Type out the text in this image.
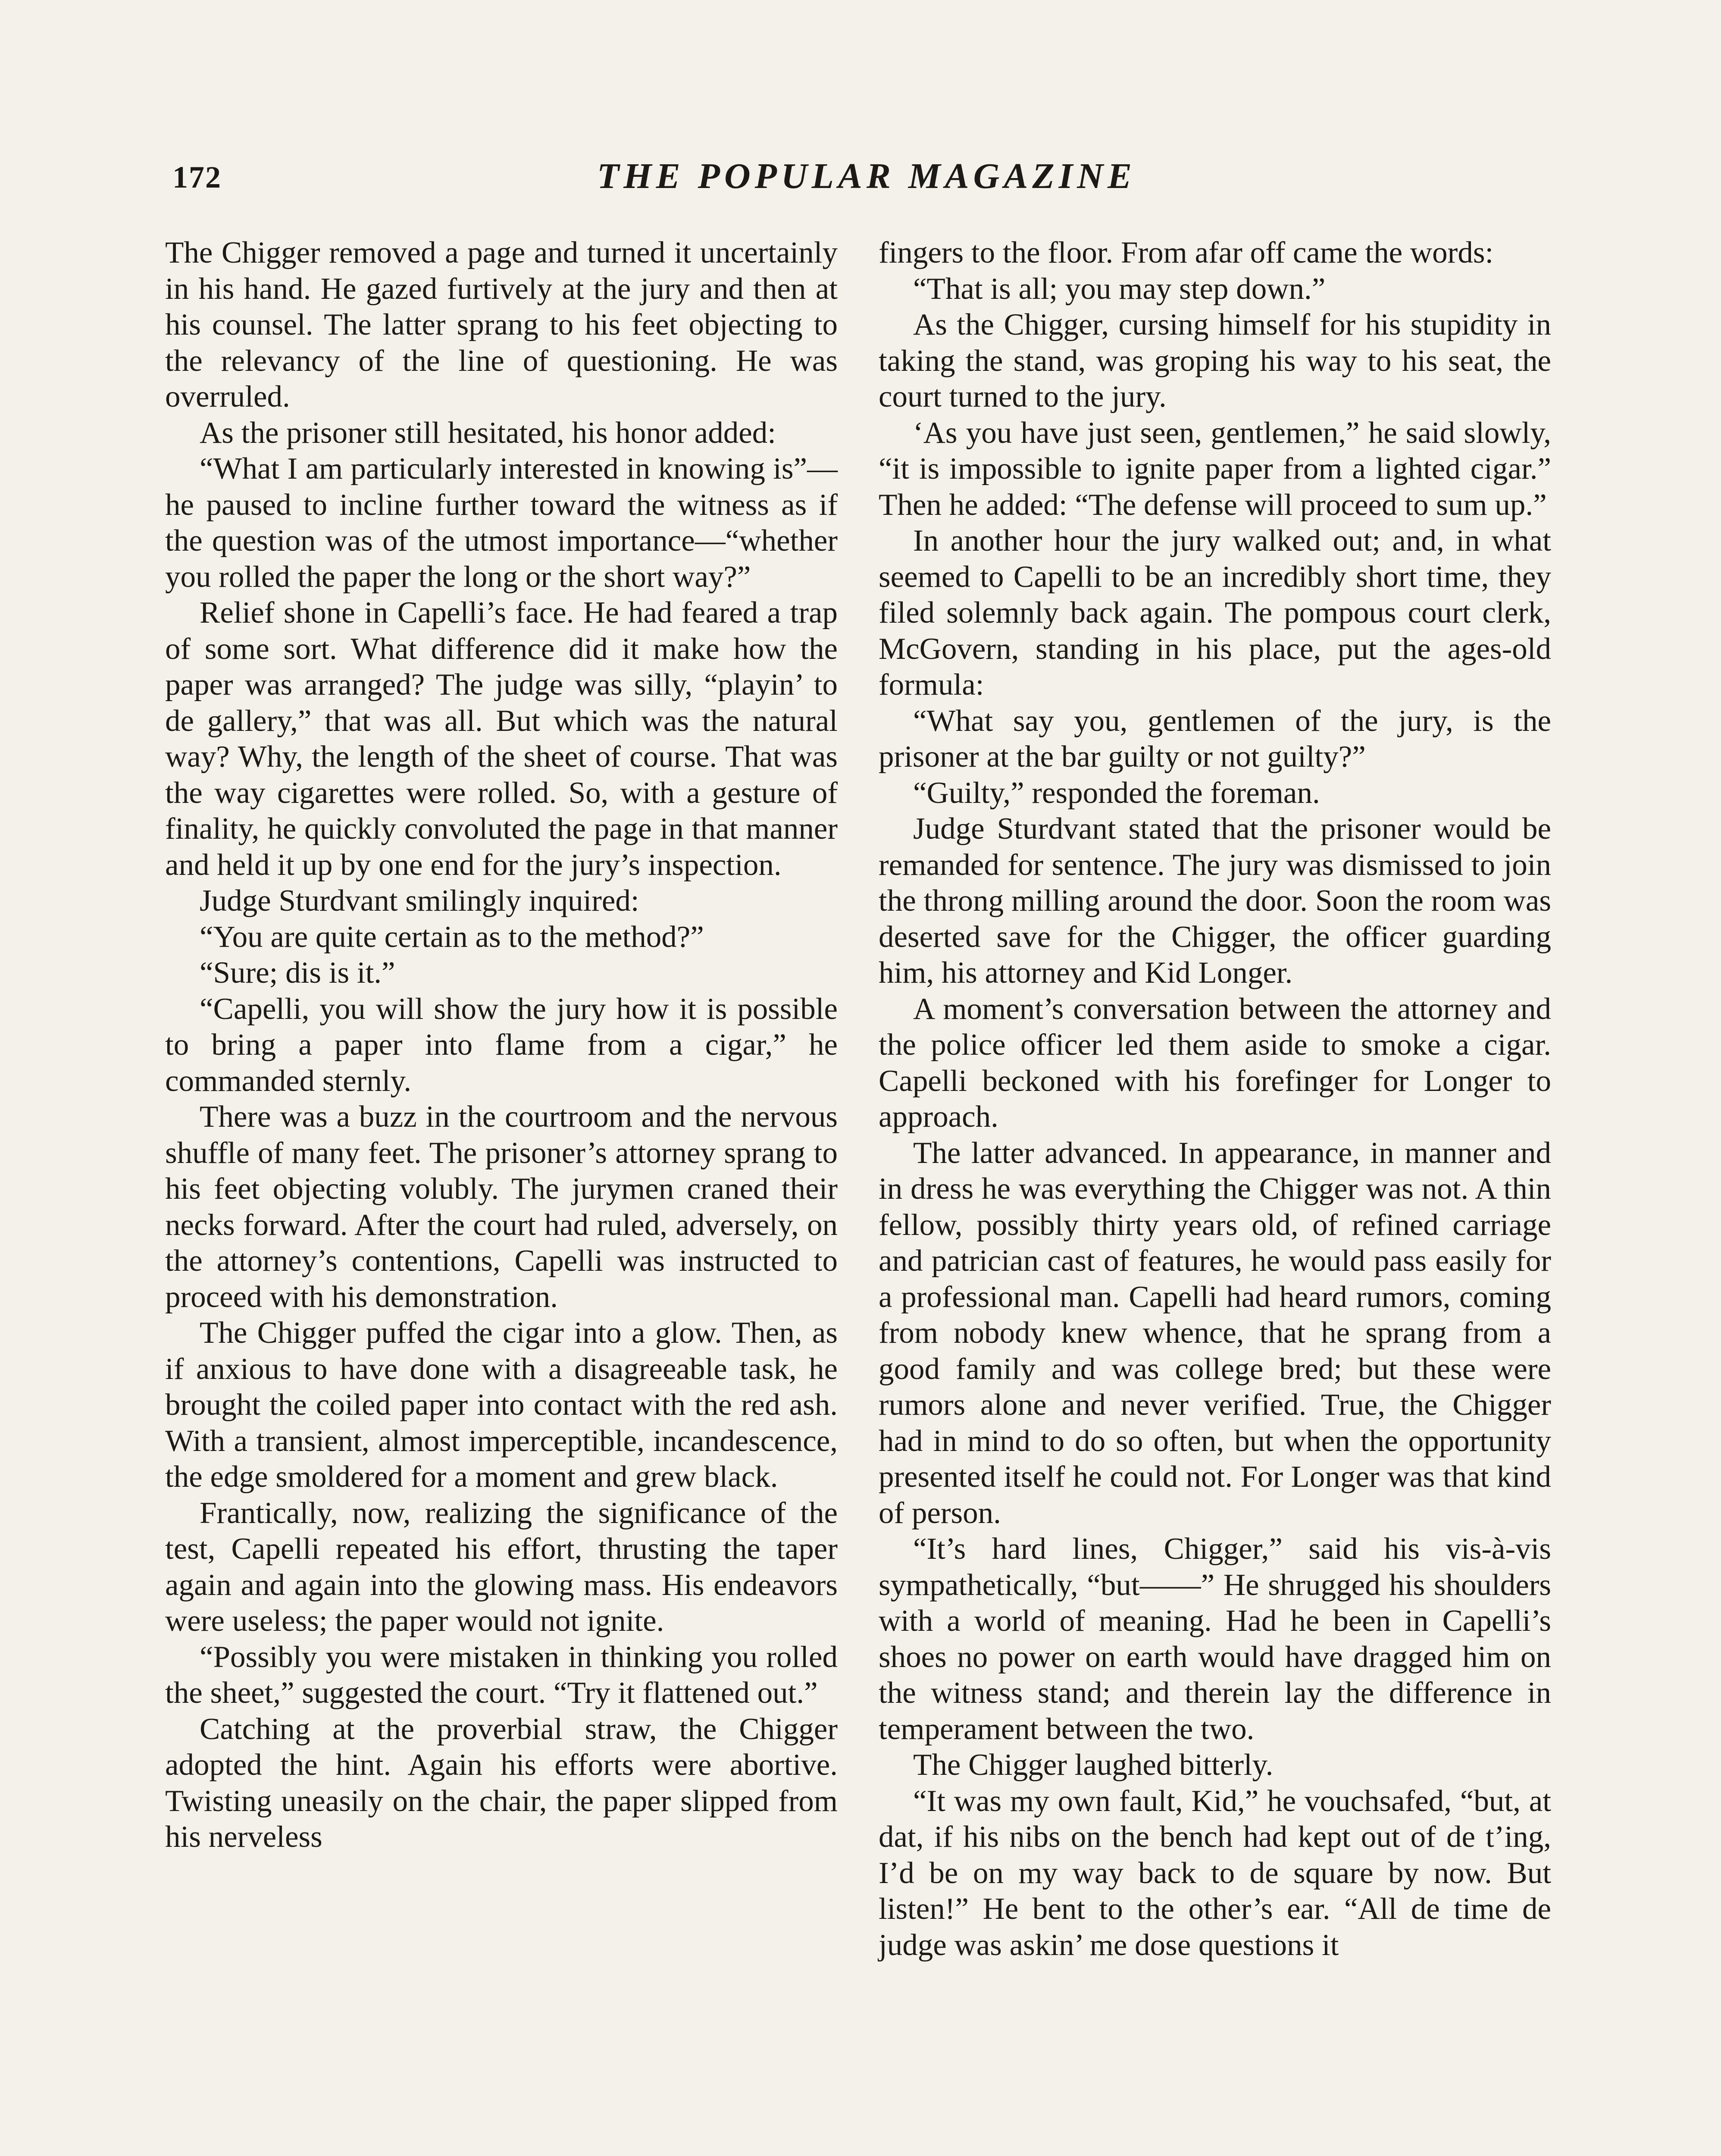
172	THE POPULAR MAGAZINE

The Chigger removed a page and turned it uncertainly in his hand. He gazed furtively at the jury and then at his counsel. The latter sprang to his feet objecting to the relevancy of the line of questioning. He was overruled.

As the prisoner still hesitated, his honor added:

“What I am particularly interested in knowing is”—he paused to incline further toward the witness as if the question was of the utmost importance—“whether you rolled the paper the long or the short way?”

Relief shone in Capelli’s face. He had feared a trap of some sort. What difference did it make how the paper was arranged? The judge was silly, “playin’ to de gallery,” that was all. But which was the natural way? Why, the length of the sheet of course. That was the way cigarettes were rolled. So, with a gesture of finality, he quickly convoluted the page in that manner and held it up by one end for the jury’s inspection.

Judge Sturdvant smilingly inquired:

“You are quite certain as to the method?”

“Sure; dis is it.”

“Capelli, you will show the jury how it is possible to bring a paper into flame from a cigar,” he commanded sternly.

There was a buzz in the courtroom and the nervous shuffle of many feet. The prisoner’s attorney sprang to his feet objecting volubly. The jurymen craned their necks forward. After the court had ruled, adversely, on the attorney’s contentions, Capelli was instructed to proceed with his demonstration.

The Chigger puffed the cigar into a glow. Then, as if anxious to have done with a disagreeable task, he brought the coiled paper into contact with the red ash. With a transient, almost imperceptible, incandescence, the edge smoldered for a moment and grew black.

Frantically, now, realizing the significance of the test, Capelli repeated his effort, thrusting the taper again and again into the glowing mass. His endeavors were useless; the paper would not ignite.

“Possibly you were mistaken in thinking you rolled the sheet,” suggested the court. “Try it flattened out.”

Catching at the proverbial straw, the Chigger adopted the hint. Again his efforts were abortive. Twisting uneasily on the chair, the paper slipped from his nerveless

fingers to the floor. From afar off came the words:

“That is all; you may step down.”

As the Chigger, cursing himself for his stupidity in taking the stand, was groping his way to his seat, the court turned to the jury.

‘As you have just seen, gentlemen,” he said slowly, “it is impossible to ignite paper from a lighted cigar.” Then he added: “The defense will proceed to sum up.”

In another hour the jury walked out; and, in what seemed to Capelli to be an incredibly short time, they filed solemnly back again. The pompous court clerk, McGovern, standing in his place, put the ages-old formula:

“What say you, gentlemen of the jury, is the prisoner at the bar guilty or not guilty?”

“Guilty,” responded the foreman.

Judge Sturdvant stated that the prisoner would be remanded for sentence. The jury was dismissed to join the throng milling around the door. Soon the room was deserted save for the Chigger, the officer guarding him, his attorney and Kid Longer.

A moment’s conversation between the attorney and the police officer led them aside to smoke a cigar. Capelli beckoned with his forefinger for Longer to approach.

The latter advanced. In appearance, in manner and in dress he was everything the Chigger was not. A thin fellow, possibly thirty years old, of refined carriage and patrician cast of features, he would pass easily for a professional man. Capelli had heard rumors, coming from nobody knew whence, that he sprang from a good family and was college bred; but these were rumors alone and never verified. True, the Chigger had in mind to do so often, but when the opportunity presented itself he could not. For Longer was that kind of person.

“It’s hard lines, Chigger,” said his vis-à-vis sympathetically, “but——” He shrugged his shoulders with a world of meaning. Had he been in Capelli’s shoes no power on earth would have dragged him on the witness stand; and therein lay the difference in temperament between the two.

The Chigger laughed bitterly.

“It was my own fault, Kid,” he vouchsafed, “but, at dat, if his nibs on the bench had kept out of de t’ing, I’d be on my way back to de square by now. But listen!” He bent to the other’s ear. “All de time de judge was askin’ me dose questions it
